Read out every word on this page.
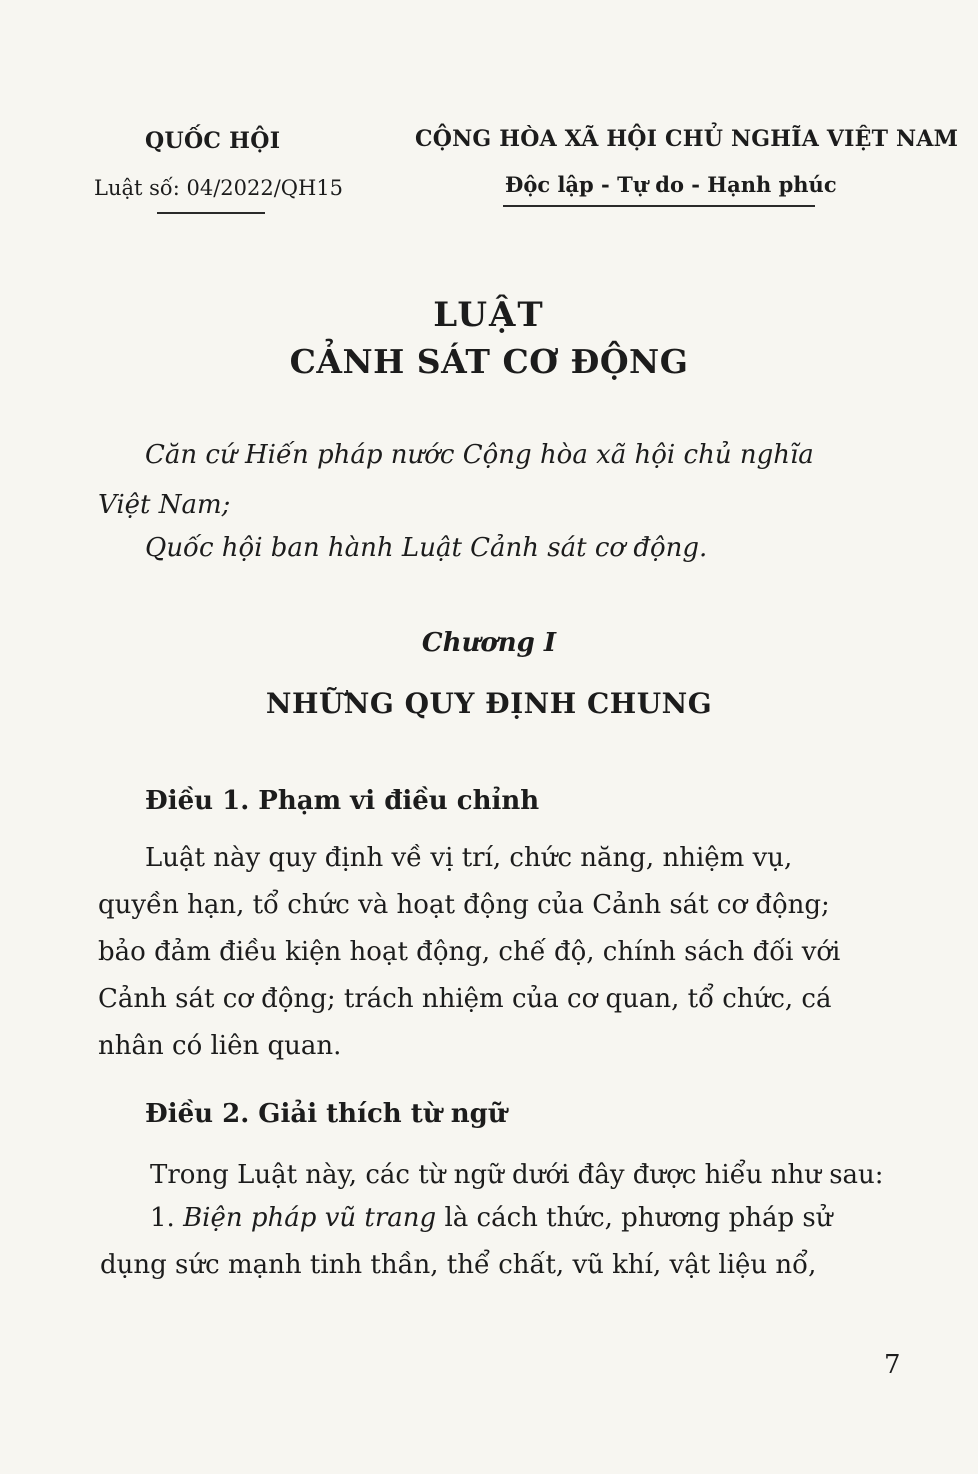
QUỐC HỘI	CỘNG HÒA XÃ HỘI CHỦ NGHĨA VIỆT NAM
Luật số: 04/2022/QH15	Độc lập - Tự do - Hạnh phúc
LUẬT
CẢNH SÁT CƠ ĐỘNG
Căn cứ Hiến pháp nước Cộng hòa xã hội chủ nghĩa
Việt Nam;
Quốc hội ban hành Luật Cảnh sát cơ động.
Chương I
NHỮNG QUY ĐỊNH CHUNG
Điều 1. Phạm vi điều chỉnh
Luật này quy định về vị trí, chức năng, nhiệm vụ,
quyền hạn, tổ chức và hoạt động của Cảnh sát cơ động;
bảo đảm điều kiện hoạt động, chế độ, chính sách đối với
Cảnh sát cơ động; trách nhiệm của cơ quan, tổ chức, cá
nhân có liên quan.
Điều 2. Giải thích từ ngữ
Trong Luật này, các từ ngữ dưới đây được hiểu như sau:
1. Biện pháp vũ trang là cách thức, phương pháp sử
dụng sức mạnh tinh thần, thể chất, vũ khí, vật liệu nổ,
7
